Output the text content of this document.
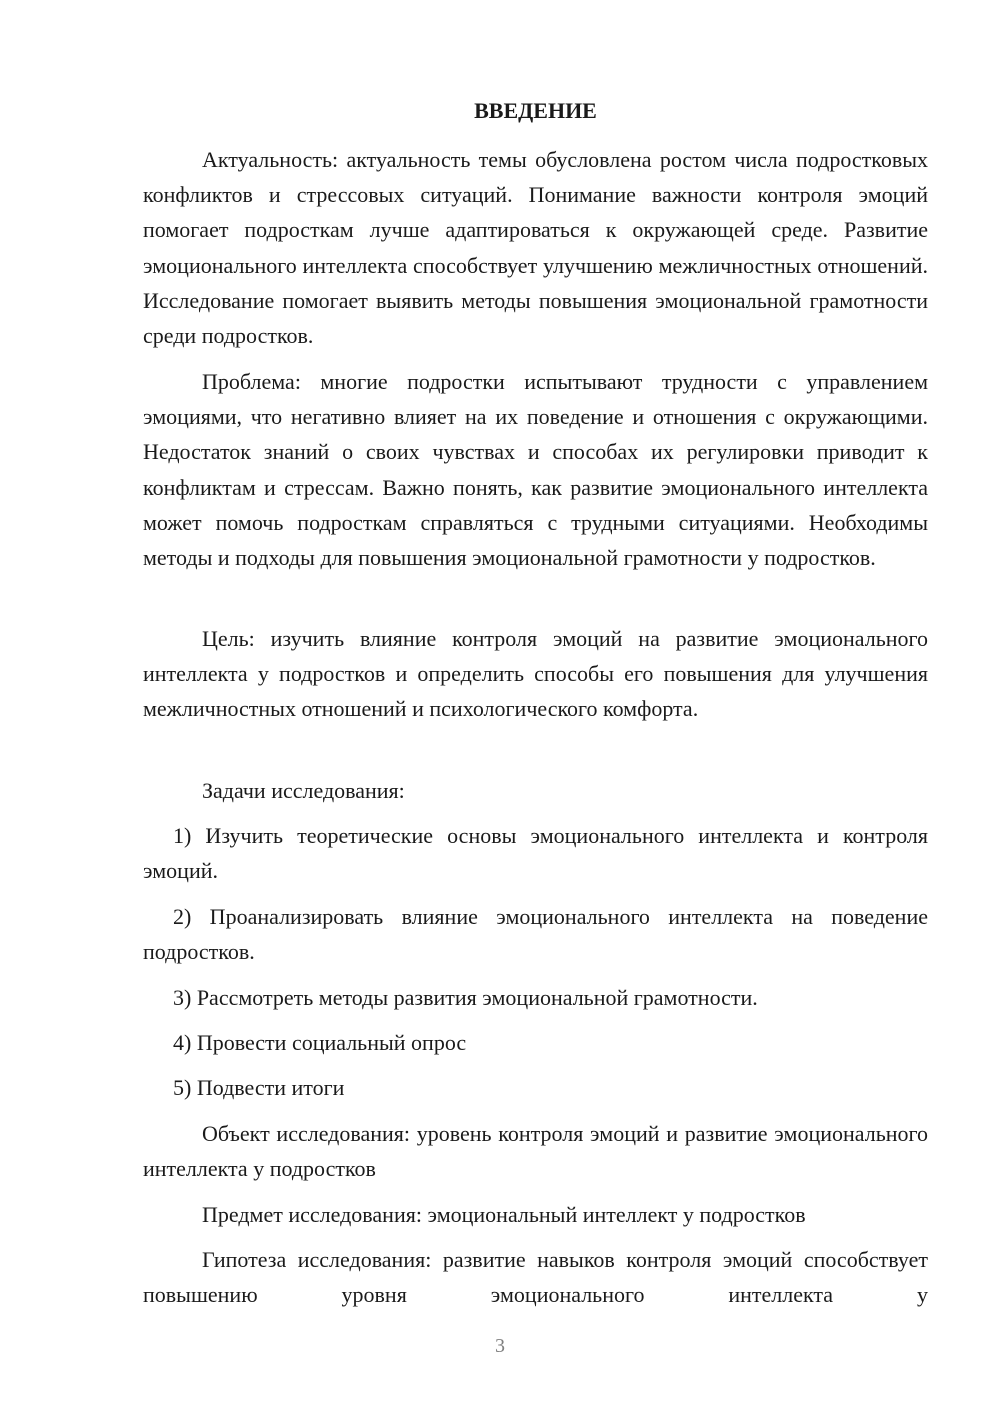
ВВЕДЕНИЕ

Актуальность: актуальность темы обусловлена ростом числа подростковых конфликтов и стрессовых ситуаций. Понимание важности контроля эмоций помогает подросткам лучше адаптироваться к окружающей среде. Развитие эмоционального интеллекта способствует улучшению межличностных отношений. Исследование помогает выявить методы повышения эмоциональной грамотности среди подростков.

Проблема: многие подростки испытывают трудности с управлением эмоциями, что негативно влияет на их поведение и отношения с окружающими. Недостаток знаний о своих чувствах и способах их регулировки приводит к конфликтам и стрессам. Важно понять, как развитие эмоционального интеллекта может помочь подросткам справляться с трудными ситуациями. Необходимы методы и подходы для повышения эмоциональной грамотности у подростков.

Цель: изучить влияние контроля эмоций на развитие эмоционального интеллекта у подростков и определить способы его повышения для улучшения межличностных отношений и психологического комфорта.

Задачи исследования:

1) Изучить теоретические основы эмоционального интеллекта и контроля эмоций.

2) Проанализировать влияние эмоционального интеллекта на поведение подростков.

3) Рассмотреть методы развития эмоциональной грамотности.

4) Провести социальный опрос

5) Подвести итоги

Объект исследования: уровень контроля эмоций и развитие эмоционального интеллекта у подростков

Предмет исследования: эмоциональный интеллект у подростков

Гипотеза исследования: развитие навыков контроля эмоций способствует повышению уровня эмоционального интеллекта у

3
